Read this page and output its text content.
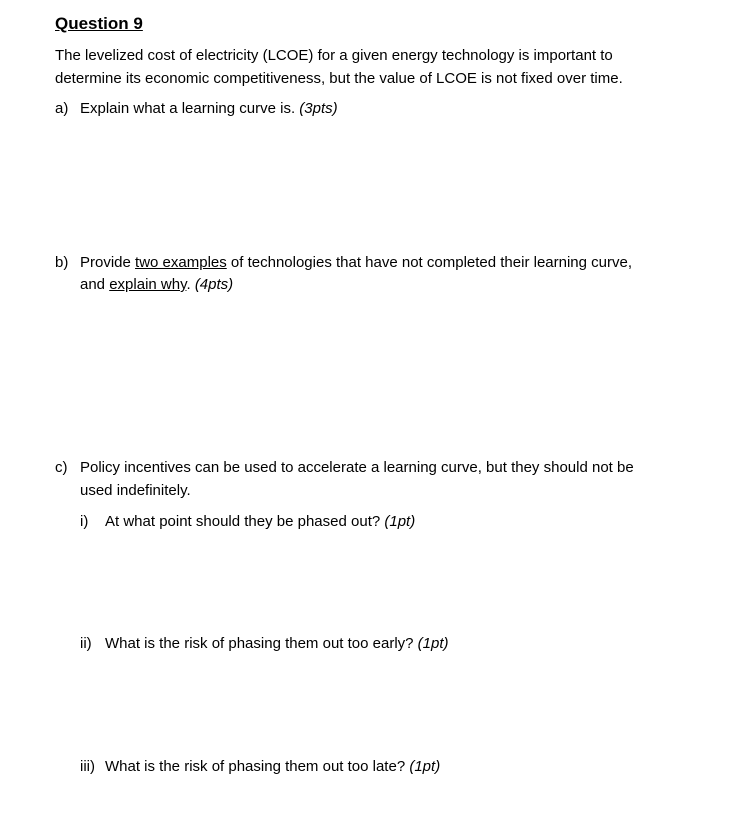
Question 9
The levelized cost of electricity (LCOE) for a given energy technology is important to
determine its economic competitiveness, but the value of LCOE is not fixed over time.
a) Explain what a learning curve is. (3pts)
b) Provide two examples of technologies that have not completed their learning curve,
and explain why. (4pts)
c) Policy incentives can be used to accelerate a learning curve, but they should not be
used indefinitely.
i) At what point should they be phased out? (1pt)
ii) What is the risk of phasing them out too early? (1pt)
iii) What is the risk of phasing them out too late? (1pt)
